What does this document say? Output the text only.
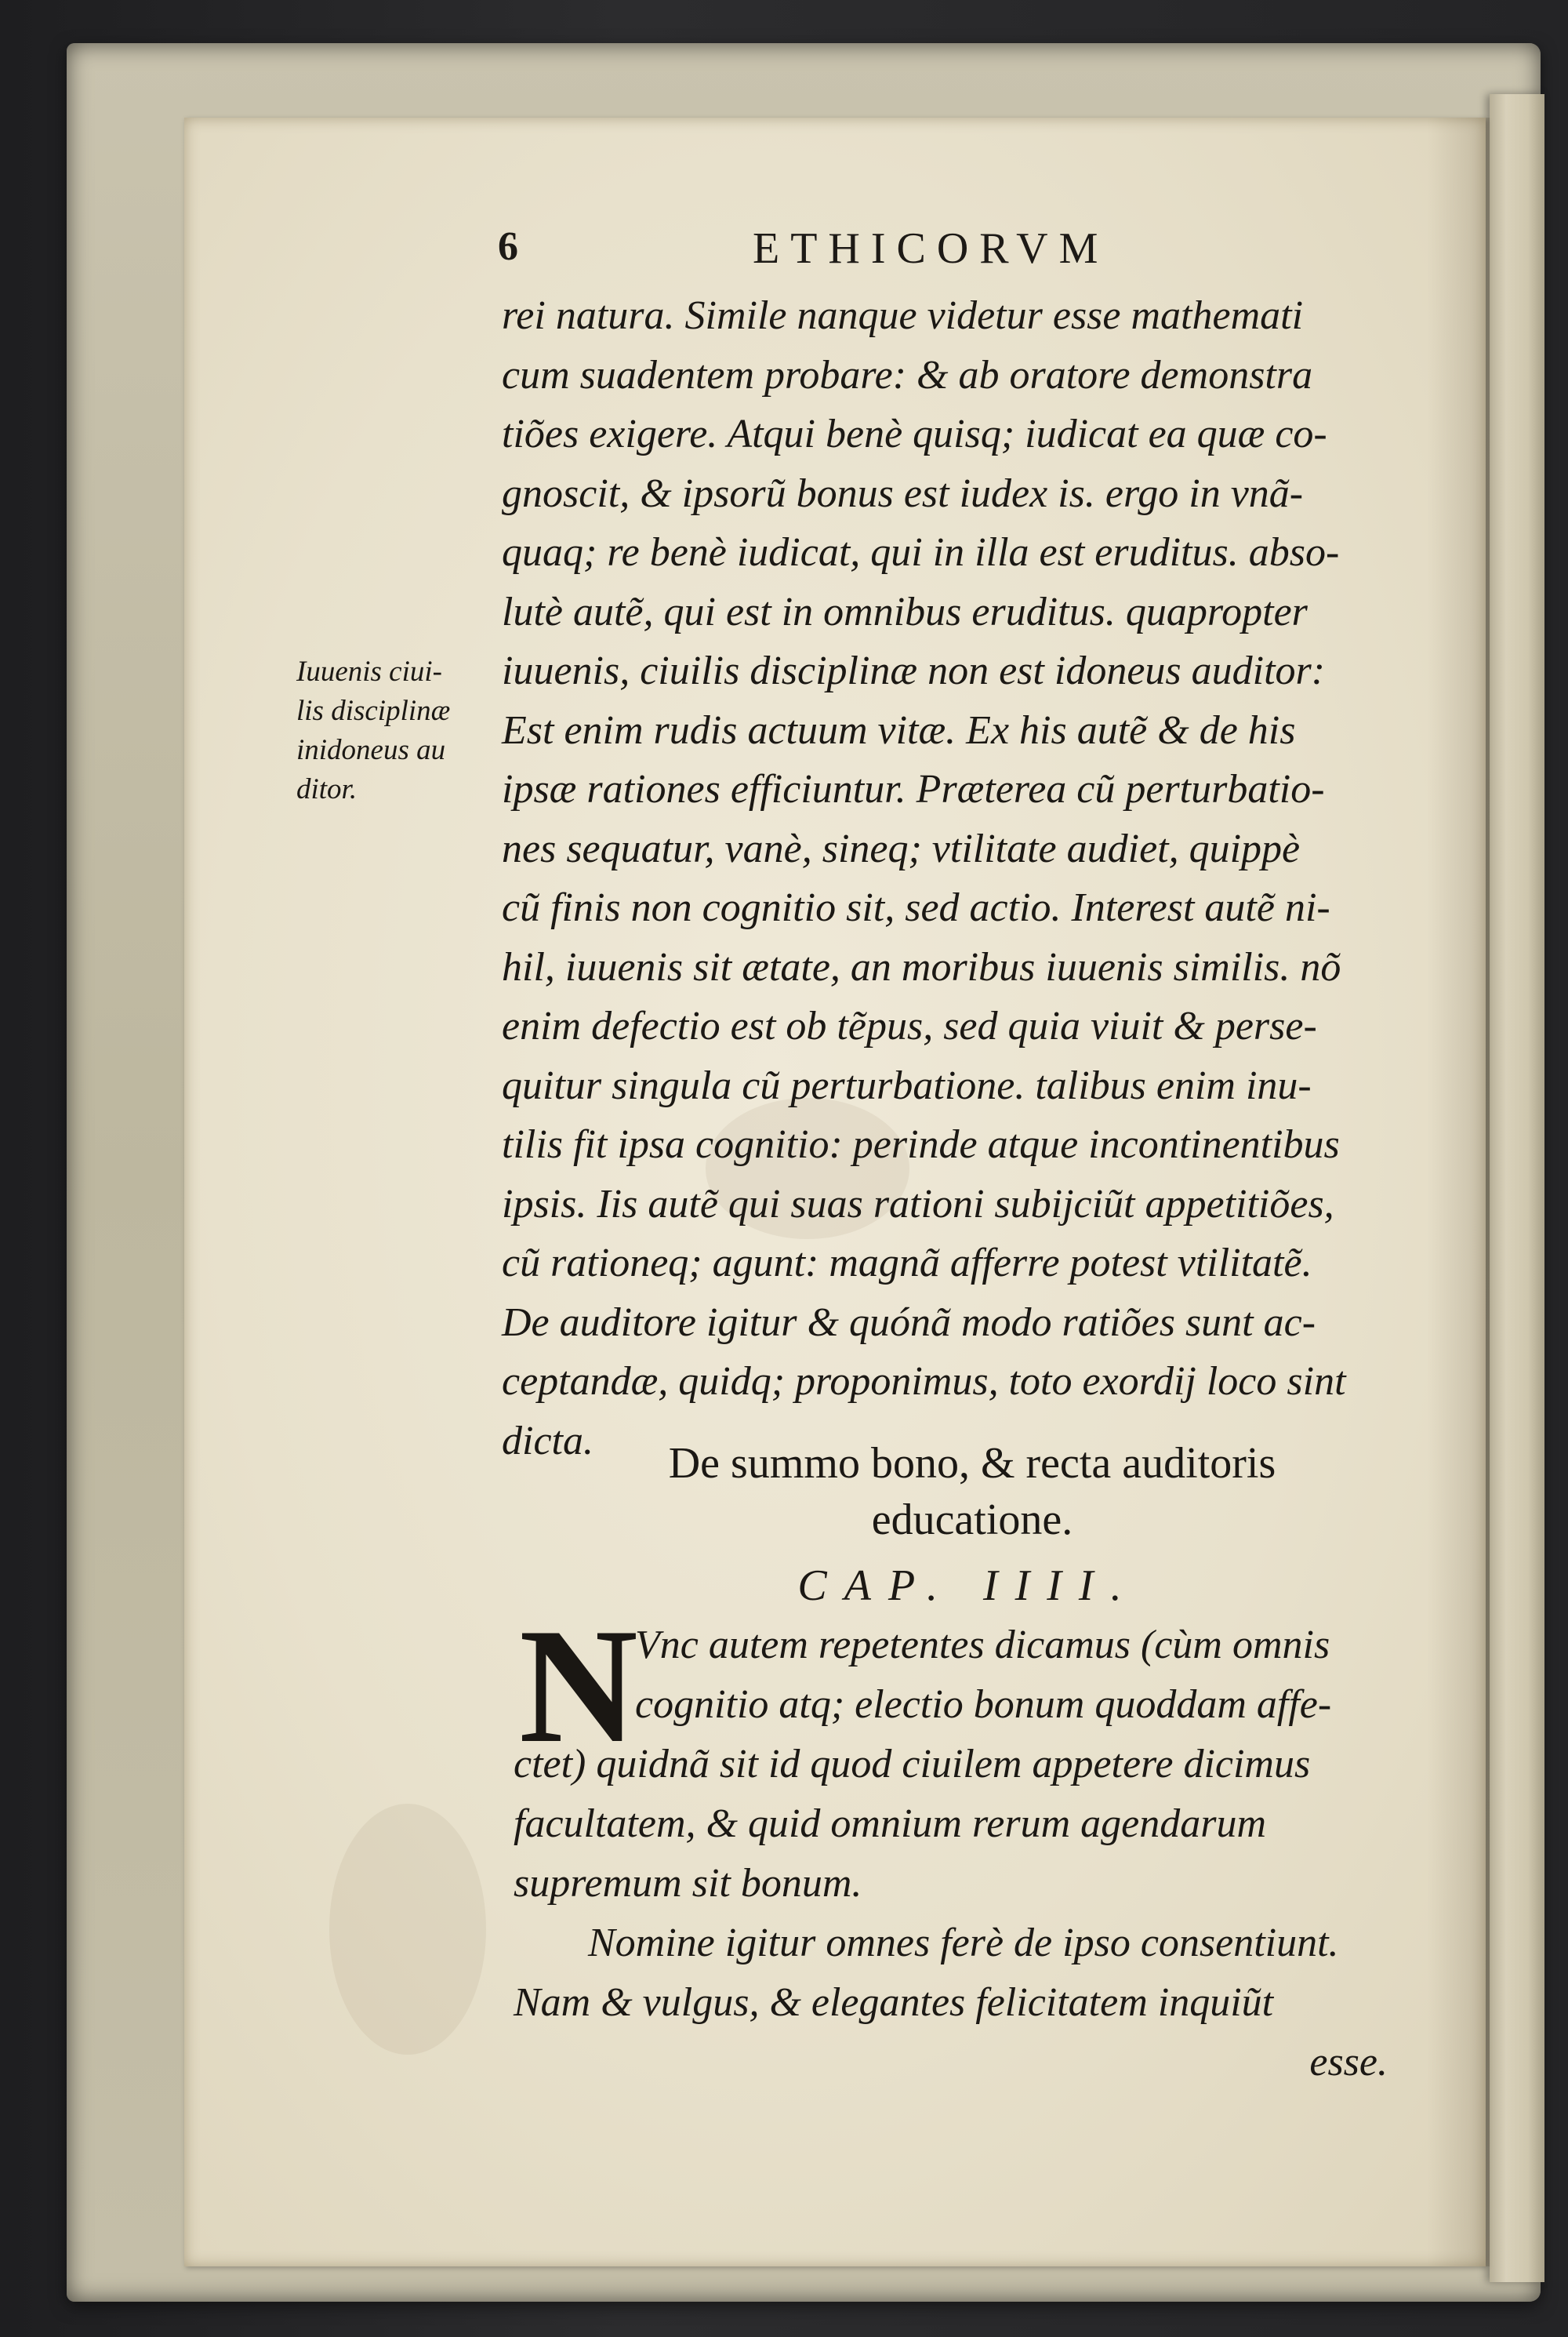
6	ETHICORVM
Iuuenis ciui-
lis disciplinæ
inidoneus au
ditor.
rei natura. Simile nanque videtur esse mathemati
cum suadentem probare: & ab oratore demonstra
tiões exigere. Atqui benè quisq; iudicat ea quæ co-
gnoscit, & ipsorũ bonus est iudex is. ergo in vnã-
quaq; re benè iudicat, qui in illa est eruditus. abso-
lutè autẽ, qui est in omnibus eruditus. quapropter
iuuenis, ciuilis disciplinæ non est idoneus auditor:
Est enim rudis actuum vitæ. Ex his autẽ & de his
ipsæ rationes efficiuntur. Præterea cũ perturbatio-
nes sequatur, vanè, sineq; vtilitate audiet, quippè
cũ finis non cognitio sit, sed actio. Interest autẽ ni-
hil, iuuenis sit ætate, an moribus iuuenis similis. nõ
enim defectio est ob tẽpus, sed quia viuit & perse-
quitur singula cũ perturbatione. talibus enim inu-
tilis fit ipsa cognitio: perinde atque incontinentibus
ipsis. Iis autẽ qui suas rationi subijciũt appetitiões,
cũ rationeq; agunt: magnã afferre potest vtilitatẽ.
De auditore igitur & quónã modo ratiões sunt ac-
ceptandæ, quidq; proponimus, toto exordij loco sint
dicta.	De summo bono, & recta auditoris
educatione.
CAP. IIII.
N
Vnc autem repetentes dicamus (cùm omnis
cognitio atq; electio bonum quoddam affe-
ctet) quidnã sit id quod ciuilem appetere dicimus
facultatem, & quid omnium rerum agendarum
supremum sit bonum.
Nomine igitur omnes ferè de ipso consentiunt.
Nam & vulgus, & elegantes felicitatem inquiũt
esse.
